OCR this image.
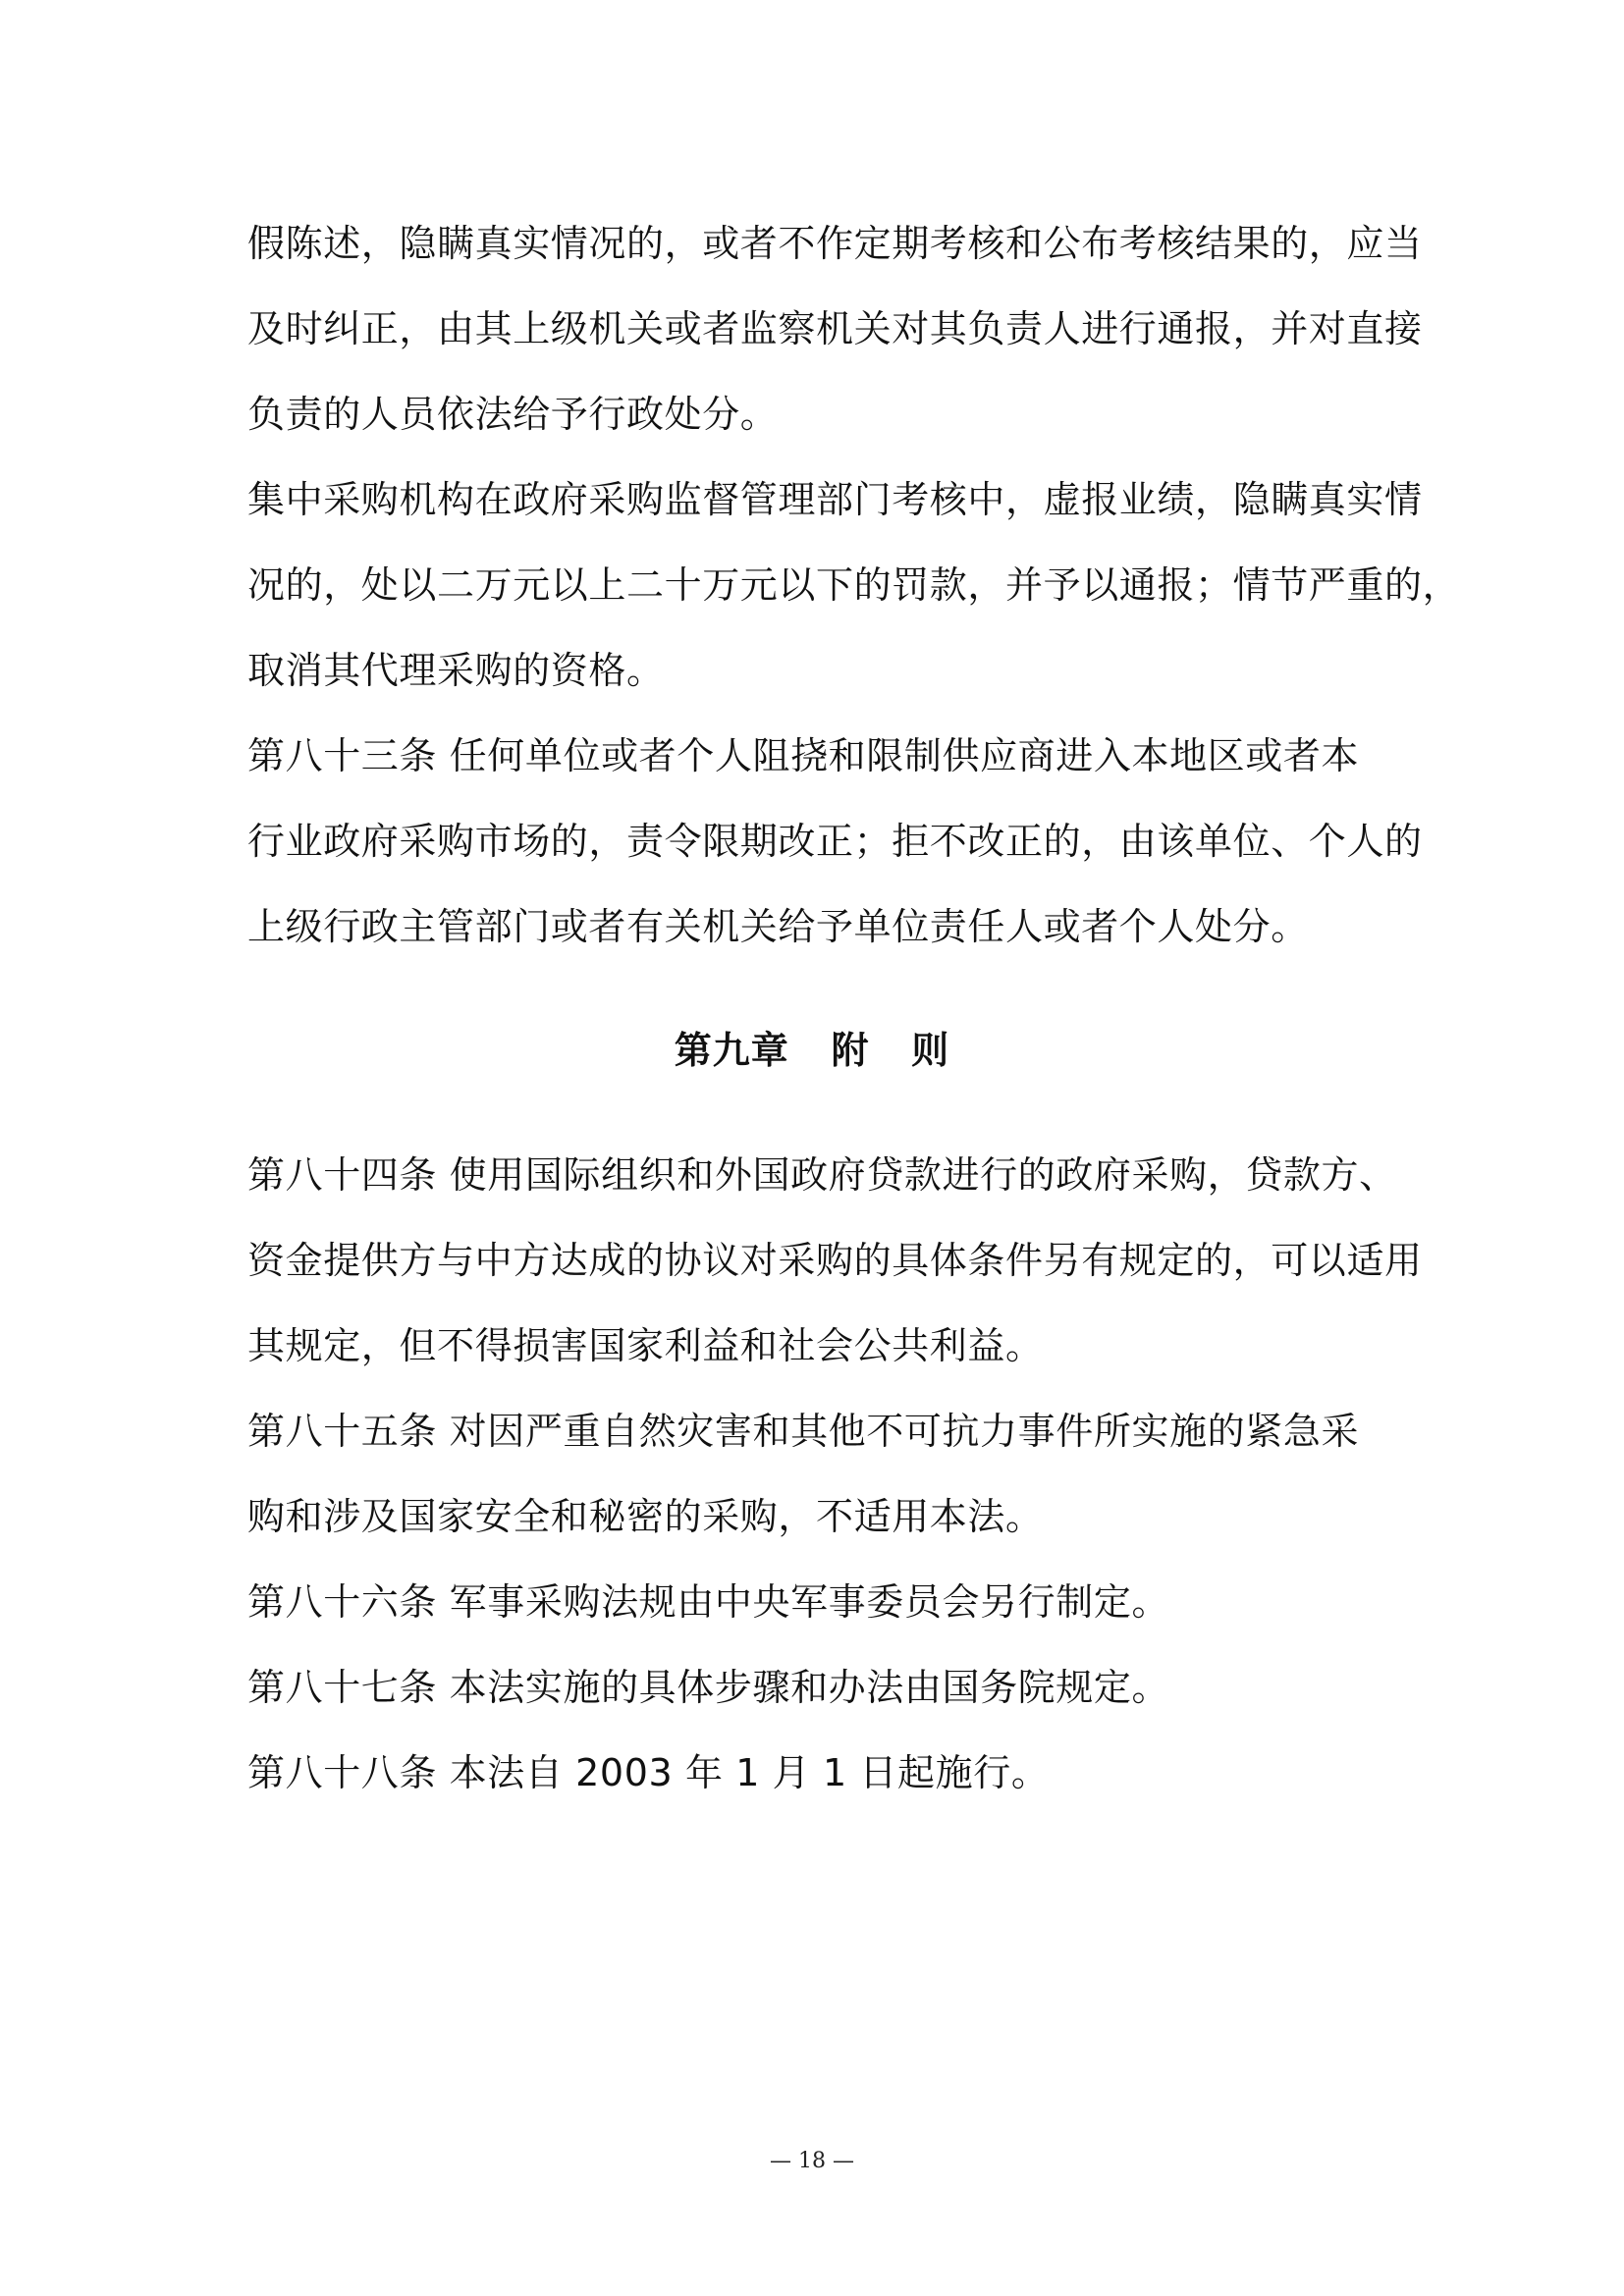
假陈述，隐瞒真实情况的，或者不作定期考核和公布考核结果的，应当
及时纠正，由其上级机关或者监察机关对其负责人进行通报，并对直接
负责的人员依法给予行政处分。
集中采购机构在政府采购监督管理部门考核中，虚报业绩，隐瞒真实情
况的，处以二万元以上二十万元以下的罚款，并予以通报；情节严重的，
取消其代理采购的资格。
第八十三条 任何单位或者个人阻挠和限制供应商进入本地区或者本
行业政府采购市场的，责令限期改正；拒不改正的，由该单位、个人的
上级行政主管部门或者有关机关给予单位责任人或者个人处分。
第九章   附   则
第八十四条 使用国际组织和外国政府贷款进行的政府采购，贷款方、
资金提供方与中方达成的协议对采购的具体条件另有规定的，可以适用
其规定，但不得损害国家利益和社会公共利益。
第八十五条 对因严重自然灾害和其他不可抗力事件所实施的紧急采
购和涉及国家安全和秘密的采购，不适用本法。
第八十六条 军事采购法规由中央军事委员会另行制定。
第八十七条 本法实施的具体步骤和办法由国务院规定。
第八十八条 本法自 2003 年 1 月 1 日起施行。
— 18 —
